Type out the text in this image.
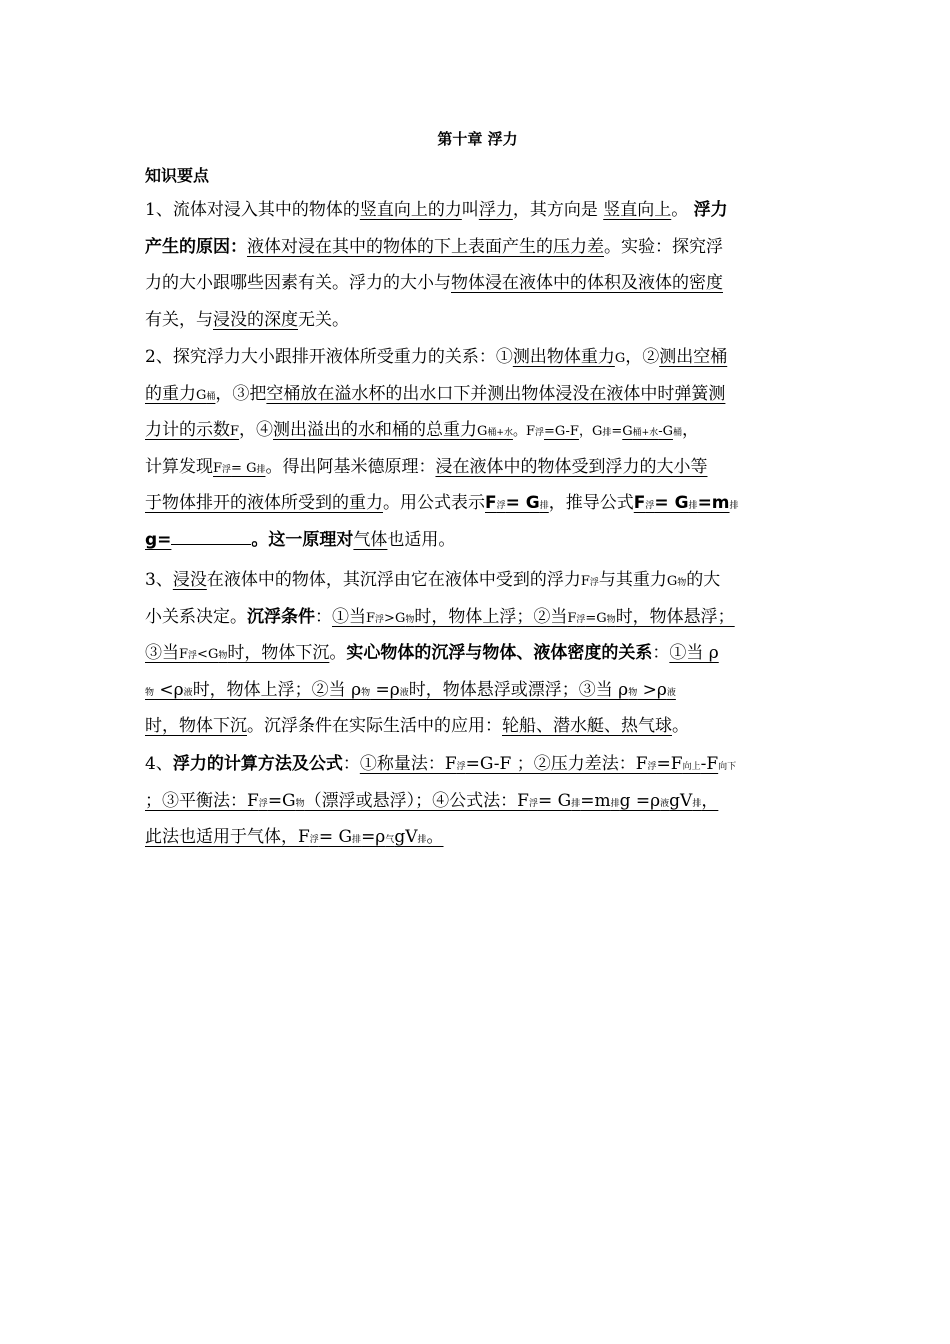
第十章 浮力
知识要点
1、流体对浸入其中的物体的竖直向上的力叫浮力，其方向是 竖直向上。 浮力
产生的原因：液体对浸在其中的物体的下上表面产生的压力差。实验：探究浮
力的大小跟哪些因素有关。浮力的大小与物体浸在液体中的体积及液体的密度
有关，与浸没的深度无关。
2、探究浮力大小跟排开液体所受重力的关系：①测出物体重力G，②测出空桶
的重力G桶，③把空桶放在溢水杯的出水口下并测出物体浸没在液体中时弹簧测
力计的示数F，④测出溢出的水和桶的总重力G桶+水。F浮=G-F，G排=G桶+水-G桶，
计算发现F浮= G排。得出阿基米德原理：浸在液体中的物体受到浮力的大小等
于物体排开的液体所受到的重力。用公式表示F浮= G排，推导公式F浮= G排=m排
g=	。这一原理对气体也适用。
3、浸没在液体中的物体，其沉浮由它在液体中受到的浮力F浮与其重力G物的大
小关系决定。沉浮条件：①当F浮>G物时，物体上浮；②当F浮=G物时，物体悬浮；
③当F浮<G物时，物体下沉。实心物体的沉浮与物体、液体密度的关系：①当 ρ
物 <ρ液时，物体上浮；②当 ρ物 =ρ液时，物体悬浮或漂浮；③当 ρ物 >ρ液
时，物体下沉。沉浮条件在实际生活中的应用：轮船、潜水艇、热气球。
4、浮力的计算方法及公式：①称量法：F浮=G-F ；②压力差法：F浮=F向上-F向下
；③平衡法：F浮=G物（漂浮或悬浮）；④公式法：F浮= G排=m排g =ρ液gV排，
此法也适用于气体，F浮= G排=ρ气gV排。
